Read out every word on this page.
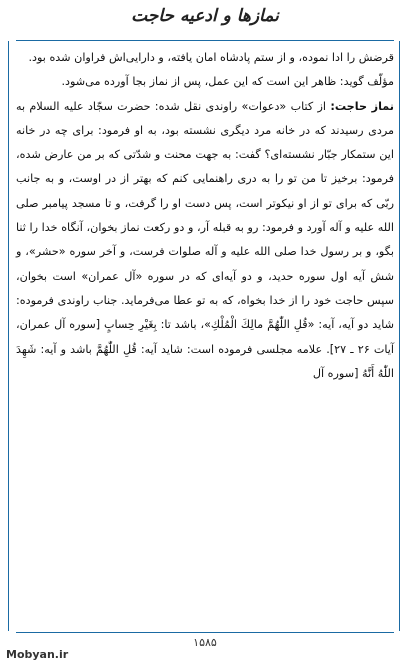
نمازها و ادعیه حاجت

قرضش را ادا نموده، و از ستم پادشاه امان یافته، و دارایی‌اش فراوان شده بود.

مؤلّف گوید: ظاهر این است که این عمل، پس از نماز بجا آورده می‌شود.

نماز حاجت: از کتاب «دعوات» راوندی نقل شده: حضرت سجّاد علیه السلام به مردی رسیدند که در خانه مرد دیگری نشسته بود، به او فرمود: برای چه در خانه این ستمکار جبّار نشسته‌ای؟ گفت: به جهت محنت و شدّتی که بر من عارض شده، فرمود: برخیز تا من تو را به دری راهنمایی کنم که بهتر از در اوست، و به جانب ربّی که برای تو از او نیکوتر است، پس دست او را گرفت، و تا مسجد پیامبر صلی الله علیه و آله آورد و فرمود: رو به قبله آر، و دو رکعت نماز بخوان، آنگاه خدا را ثنا بگو، و بر رسول خدا صلی الله علیه و آله صلوات فرست، و آخر سوره «حشر»، و شش آیه اول سوره حدید، و دو آیه‌ای که در سوره «آل عمران» است بخوان، سپس حاجت خود را از خدا بخواه، که به تو عطا می‌فرماید. جناب راوندی فرموده: شاید دو آیه، آیه: «قُلِ اللّٰهُمَّ مالِكَ الْمُلْكِ»، باشد تا: بِغَيْرِ حِسابٍ [سوره آل عمران، آیات ۲۶ ـ ۲۷]. علامه مجلسی فرموده است: شاید آیه: قُلِ اللّٰهُمَّ باشد و آیه: شَهِدَ اللّٰهُ أَنَّهُ [سوره آل

۱۵۸۵
Mobyan.ir
